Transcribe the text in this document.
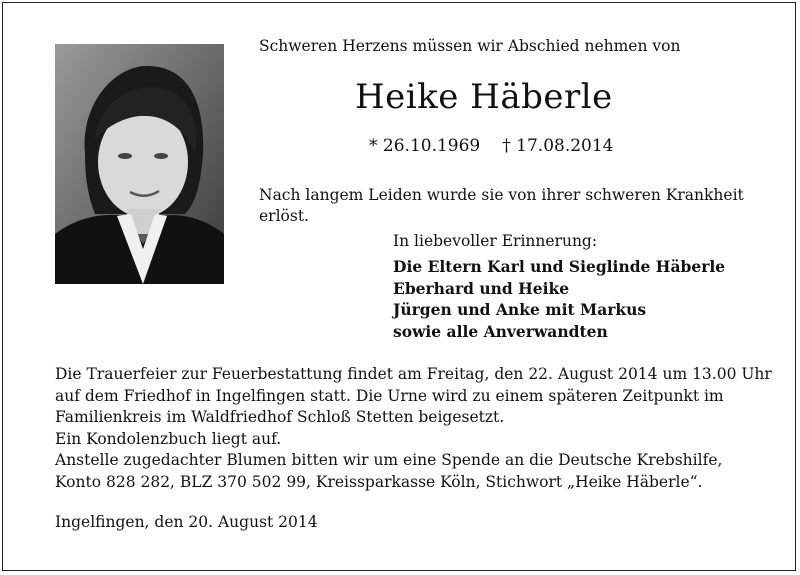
Schweren Herzens müssen wir Abschied nehmen von
Heike Häberle
* 26.10.1969 † 17.08.2014
Nach langem Leiden wurde sie von ihrer schweren Krankheit erlöst.
In liebevoller Erinnerung:
Die Eltern Karl und Sieglinde Häberle
Eberhard und Heike
Jürgen und Anke mit Markus
sowie alle Anverwandten
Die Trauerfeier zur Feuerbestattung findet am Freitag, den 22. August 2014 um 13.00 Uhr
auf dem Friedhof in Ingelfingen statt. Die Urne wird zu einem späteren Zeitpunkt im
Familienkreis im Waldfriedhof Schloß Stetten beigesetzt.
Ein Kondolenzbuch liegt auf.
Anstelle zugedachter Blumen bitten wir um eine Spende an die Deutsche Krebshilfe,
Konto 828 282, BLZ 370 502 99, Kreissparkasse Köln, Stichwort „Heike Häberle“.
Ingelfingen, den 20. August 2014
